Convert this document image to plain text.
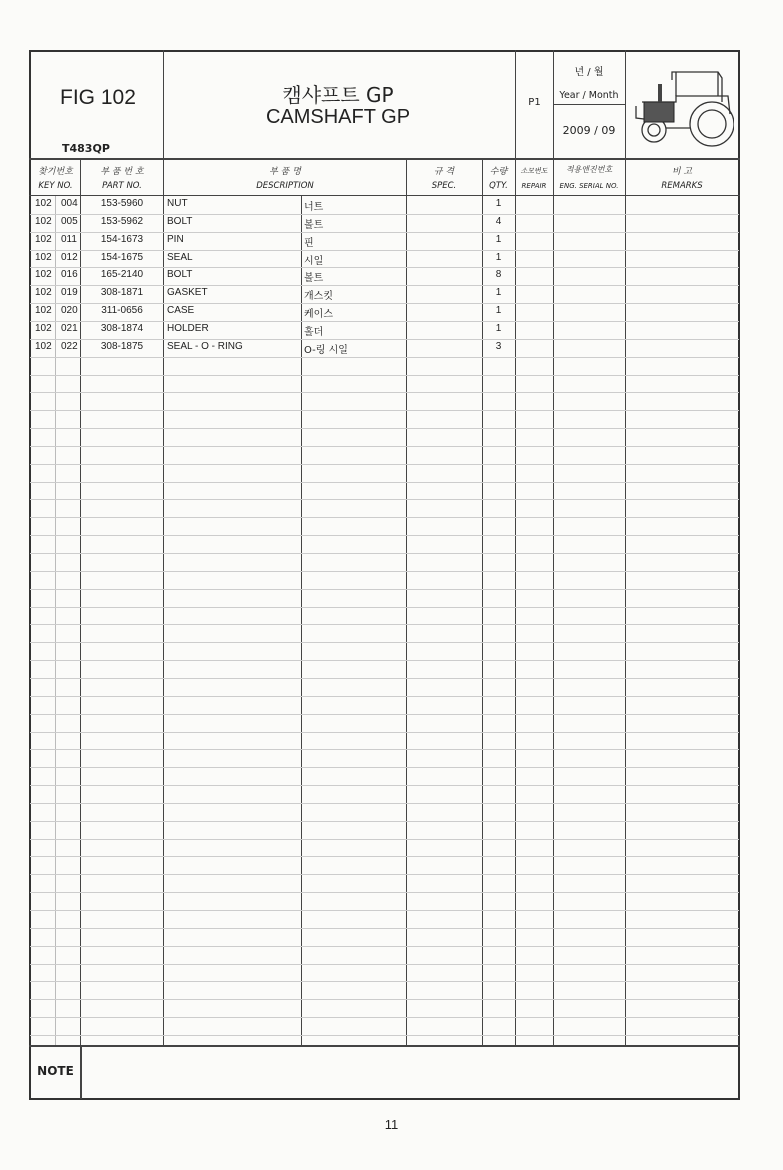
FIG 102
T483QP
캠샤프트 GP
CAMSHAFT GP
P1
년 / 월
Year / Month
2009 / 09
찾기번호
KEY NO.
부 품 번 호
PART NO.
부 품 명
DESCRIPTION
규 격
SPEC.
수량
QTY.
소모번도
REPAIR
적용엔진번호
ENG. SERIAL NO.
비 고
REMARKS
102 004	153-5960	NUT	너트	1
102 005	153-5962	BOLT	볼트	4
102 011	154-1673	PIN	핀	1
102 012	154-1675	SEAL	시일	1
102 016	165-2140	BOLT	볼트	8
102 019	308-1871	GASKET	개스킷	1
102 020	311-0656	CASE	케이스	1
102 021	308-1874	HOLDER	홀더	1
102 022	308-1875	SEAL - O - RING	O-링 시일	3
NOTE
11
